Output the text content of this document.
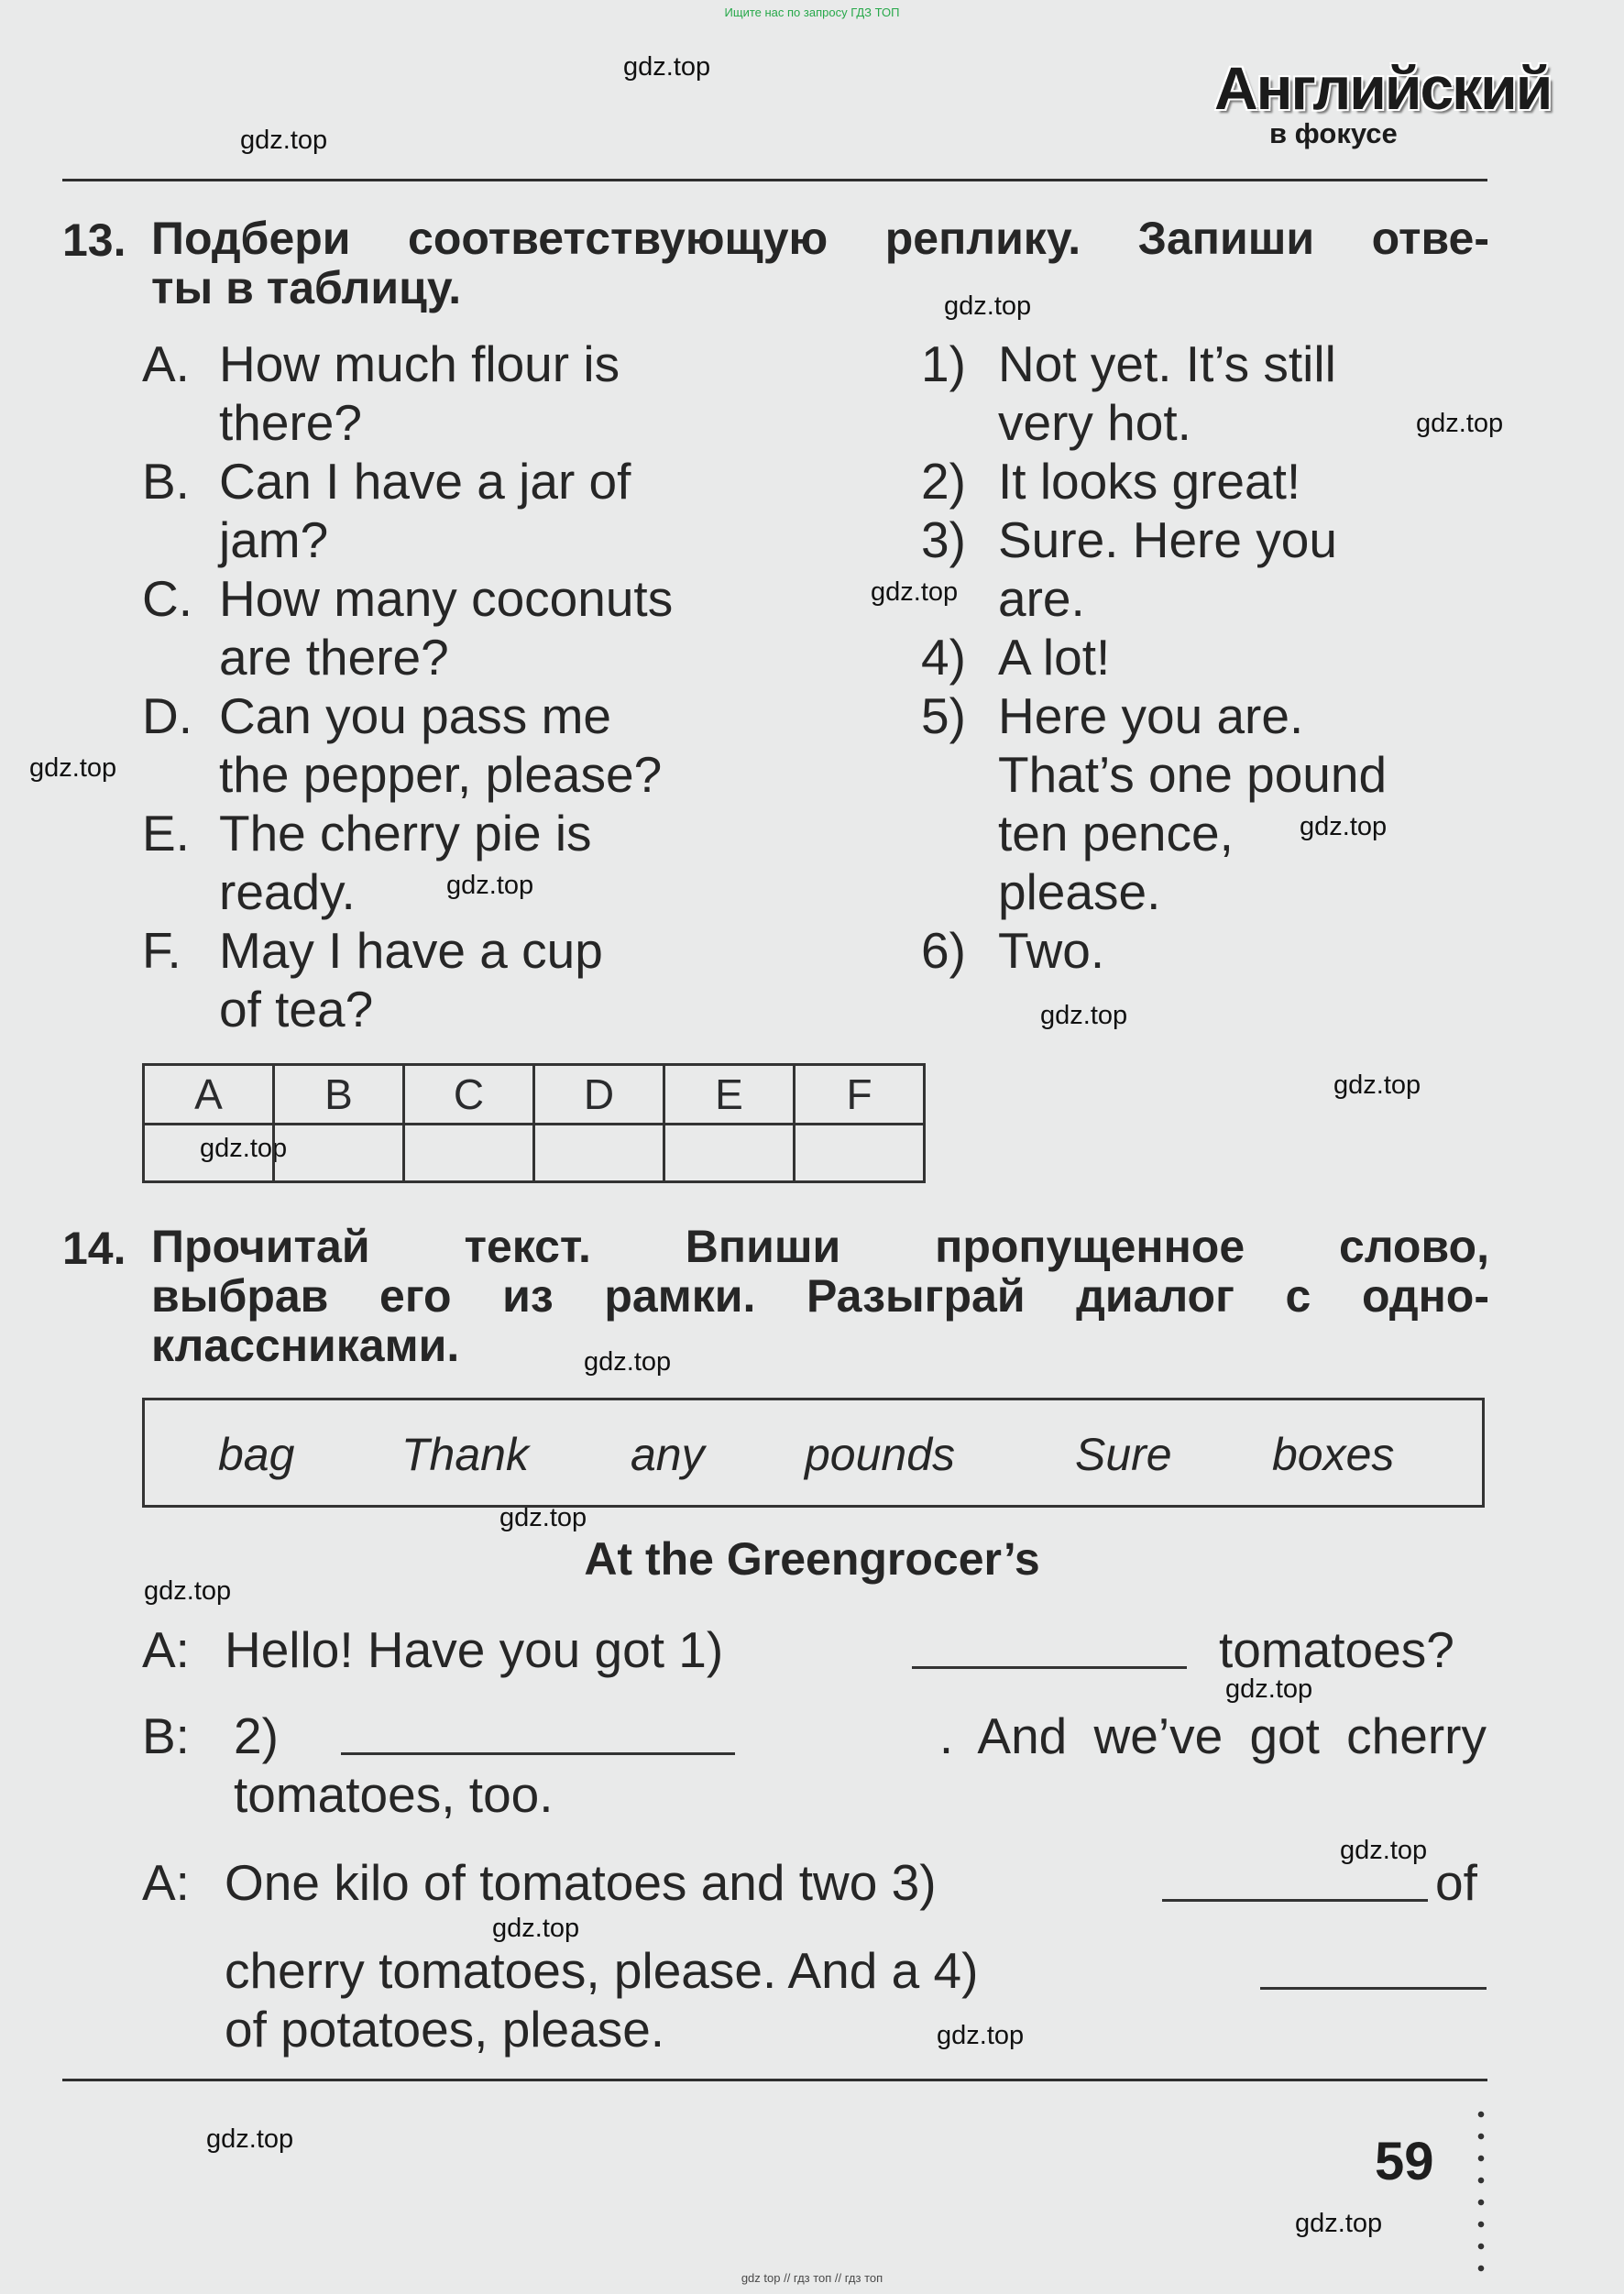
Ищите нас по запросу ГДЗ ТОП
Английский
в фокусе
gdz.top
gdz.top
gdz.top
gdz.top
gdz.top
gdz.top
gdz.top
gdz.top
gdz.top
gdz.top
gdz.top
gdz.top
gdz.top
gdz.top
gdz.top
gdz.top
gdz.top
gdz.top
gdz.top
gdz.top
13. Подбери соответствующую реплику. Запиши отве-
ты в таблицу.
A. How much flour is
there?
B. Can I have a jar of
jam?
C. How many coconuts
are there?
D. Can you pass me
the pepper, please?
E. The cherry pie is
ready.
F. May I have a cup
of tea?
1) Not yet. It’s still
very hot.
2) It looks great!
3) Sure. Here you
are.
4) A lot!
5) Here you are.
That’s one pound
ten pence,
please.
6) Two.
A	B	C	D	E	F

14. Прочитай текст. Впиши пропущенное слово,
выбрав его из рамки. Разыграй диалог с одно-
классниками.
bag Thank any pounds	Sure boxes
At the Greengrocer’s
A: Hello! Have you got 1)	tomatoes?
B: 2)	. And we’ve got cherry
tomatoes, too.
A: One kilo of tomatoes and two 3)	of
cherry tomatoes, please. And a 4)
of potatoes, please.
59
gdz top // гдз топ // гдз топ
